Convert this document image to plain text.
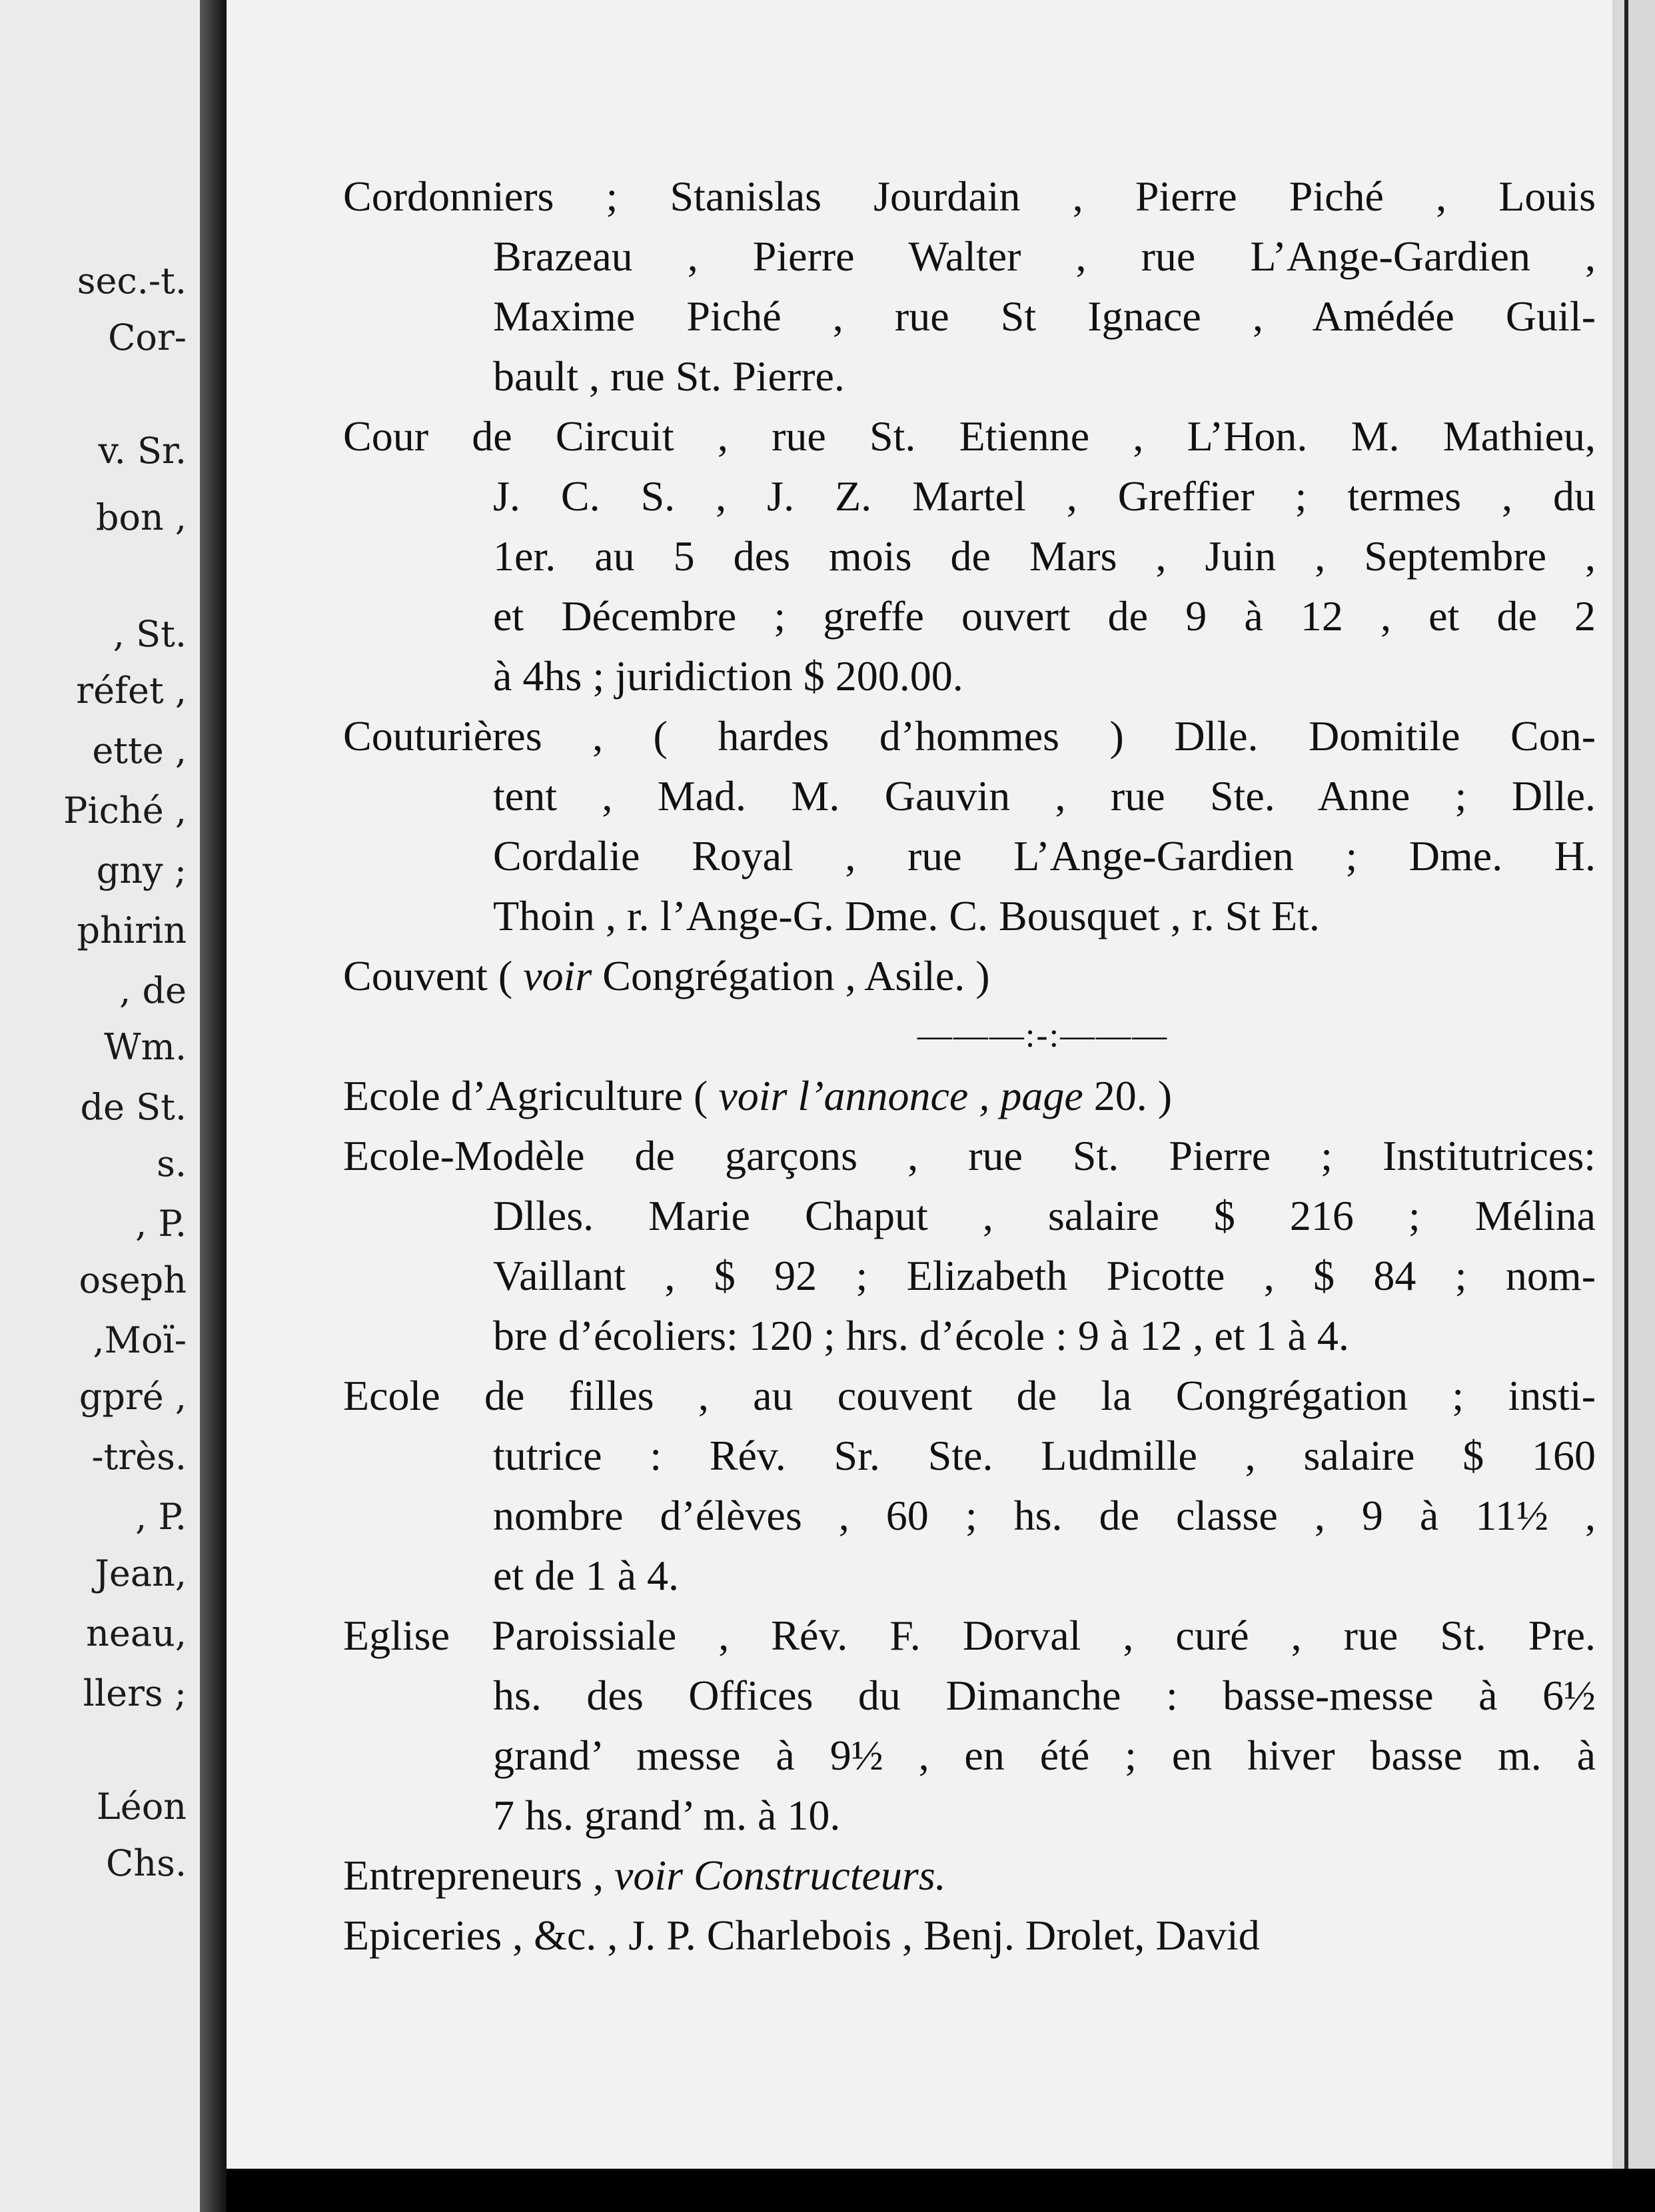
sec.-t.
Cor-
v. Sr.
bon ,
, St.
réfet ,
ette ,
Piché ,
gny ;
phirin
, de
Wm.
de St.
s.
, P.
oseph
,Moï-
gpré ,
-très.
, P.
Jean,
neau,
llers ;
Léon
Chs.
Cordonniers ; Stanislas Jourdain , Pierre Piché , Louis
Brazeau , Pierre Walter , rue L’Ange-Gardien ,
Maxime Piché , rue St Ignace , Amédée Guil-
bault , rue St. Pierre.
Cour de Circuit , rue St. Etienne , L’Hon. M. Mathieu,
J. C. S. , J. Z. Martel , Greffier ; termes , du
1er. au 5 des mois de Mars , Juin , Septembre ,
et Décembre ; greffe ouvert de 9 à 12 , et de 2
à 4hs ; juridiction $ 200.00.
Couturières , ( hardes d’hommes ) Dlle. Domitile Con-
tent , Mad. M. Gauvin , rue Ste. Anne ; Dlle.
Cordalie Royal , rue L’Ange-Gardien ; Dme. H.
Thoin , r. l’Ange-G. Dme. C. Bousquet , r. St Et.
Couvent ( voir Congrégation , Asile. )
———:-:———
Ecole d’Agriculture ( voir l’annonce , page 20. )
Ecole-Modèle de garçons , rue St. Pierre ; Institutrices:
Dlles. Marie Chaput , salaire $ 216 ; Mélina
Vaillant , $ 92 ; Elizabeth Picotte , $ 84 ; nom-
bre d’écoliers: 120 ; hrs. d’école : 9 à 12 , et 1 à 4.
Ecole de filles , au couvent de la Congrégation ; insti-
tutrice : Rév. Sr. Ste. Ludmille , salaire $ 160
nombre d’élèves , 60 ; hs. de classe , 9 à 11½ ,
et de 1 à 4.
Eglise Paroissiale , Rév. F. Dorval , curé , rue St. Pre.
hs. des Offices du Dimanche : basse-messe à 6½
grand’ messe à 9½ , en été ; en hiver basse m. à
7 hs. grand’ m. à 10.
Entrepreneurs , voir Constructeurs.
Epiceries , &c. , J. P. Charlebois , Benj. Drolet, David
